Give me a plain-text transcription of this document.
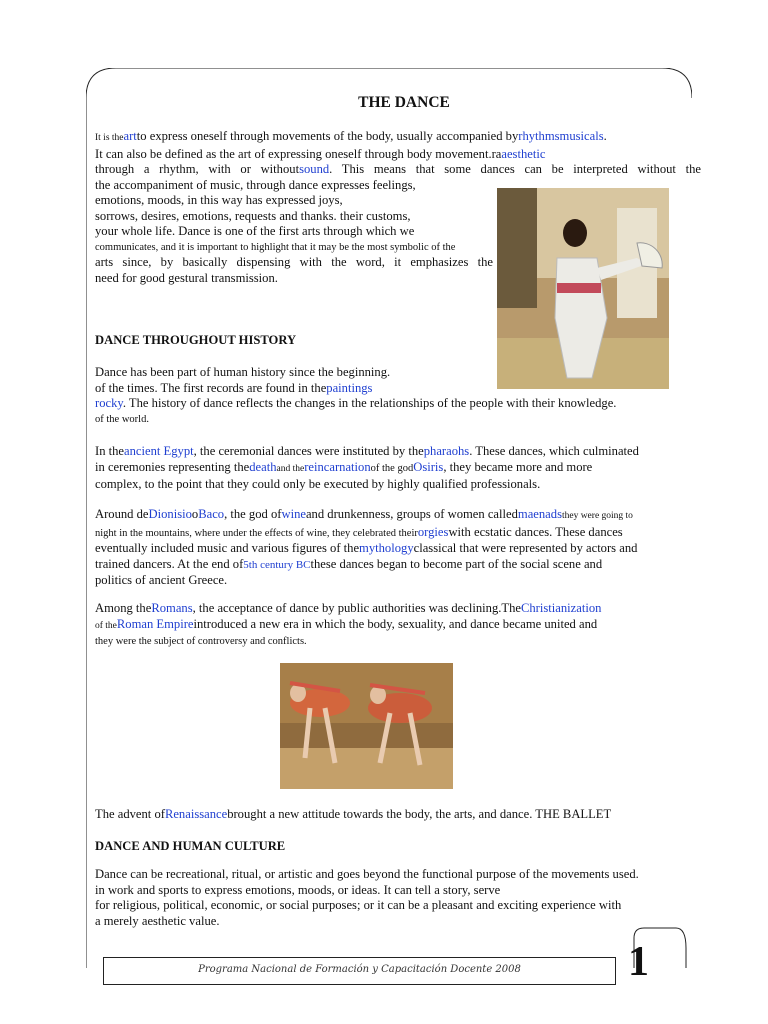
THE DANCE
It is theartto express oneself through movements of the body, usually accompanied byrhythmsmusicals.
It can also be defined as the art of expressing oneself through body movement.raaesthetic
through a rhythm, with or withoutsound. This means that some dances can be interpreted without the
the accompaniment of music, through dance expresses feelings,
emotions, moods, in this way has expressed joys,
sorrows, desires, emotions, requests and thanks. their customs,
your whole life. Dance is one of the first arts through which we
communicates, and it is important to highlight that it may be the most symbolic of the
arts since, by basically dispensing with the word, it emphasizes the
need for good gestural transmission.
DANCE THROUGHOUT HISTORY
Dance has been part of human history since the beginning.
of the times. The first records are found in thepaintings
rocky. The history of dance reflects the changes in the relationships of the people with their knowledge.
of the world.
In theancient Egypt, the ceremonial dances were instituted by thepharaohs. These dances, which culminated
in ceremonies representing thedeathand thereincarnationof the godOsiris, they became more and more
complex, to the point that they could only be executed by highly qualified professionals.
Around deDionisiooBaco, the god ofwineand drunkenness, groups of women calledmaenadsthey were going to
night in the mountains, where under the effects of wine, they celebrated theirorgieswith ecstatic dances. These dances
eventually included music and various figures of themythologyclassical that were represented by actors and
trained dancers. At the end of5th century BCthese dances began to become part of the social scene and
politics of ancient Greece.
Among theRomans, the acceptance of dance by public authorities was declining.TheChristianization
of theRoman Empireintroduced a new era in which the body, sexuality, and dance became united and
they were the subject of controversy and conflicts.
The advent ofRenaissancebrought a new attitude towards the body, the arts, and dance. THE BALLET
DANCE AND HUMAN CULTURE
Dance can be recreational, ritual, or artistic and goes beyond the functional purpose of the movements used.
in work and sports to express emotions, moods, or ideas. It can tell a story, serve
for religious, political, economic, or social purposes; or it can be a pleasant and exciting experience with
a merely aesthetic value.
Programa Nacional de Formación y Capacitación Docente 2008	1
